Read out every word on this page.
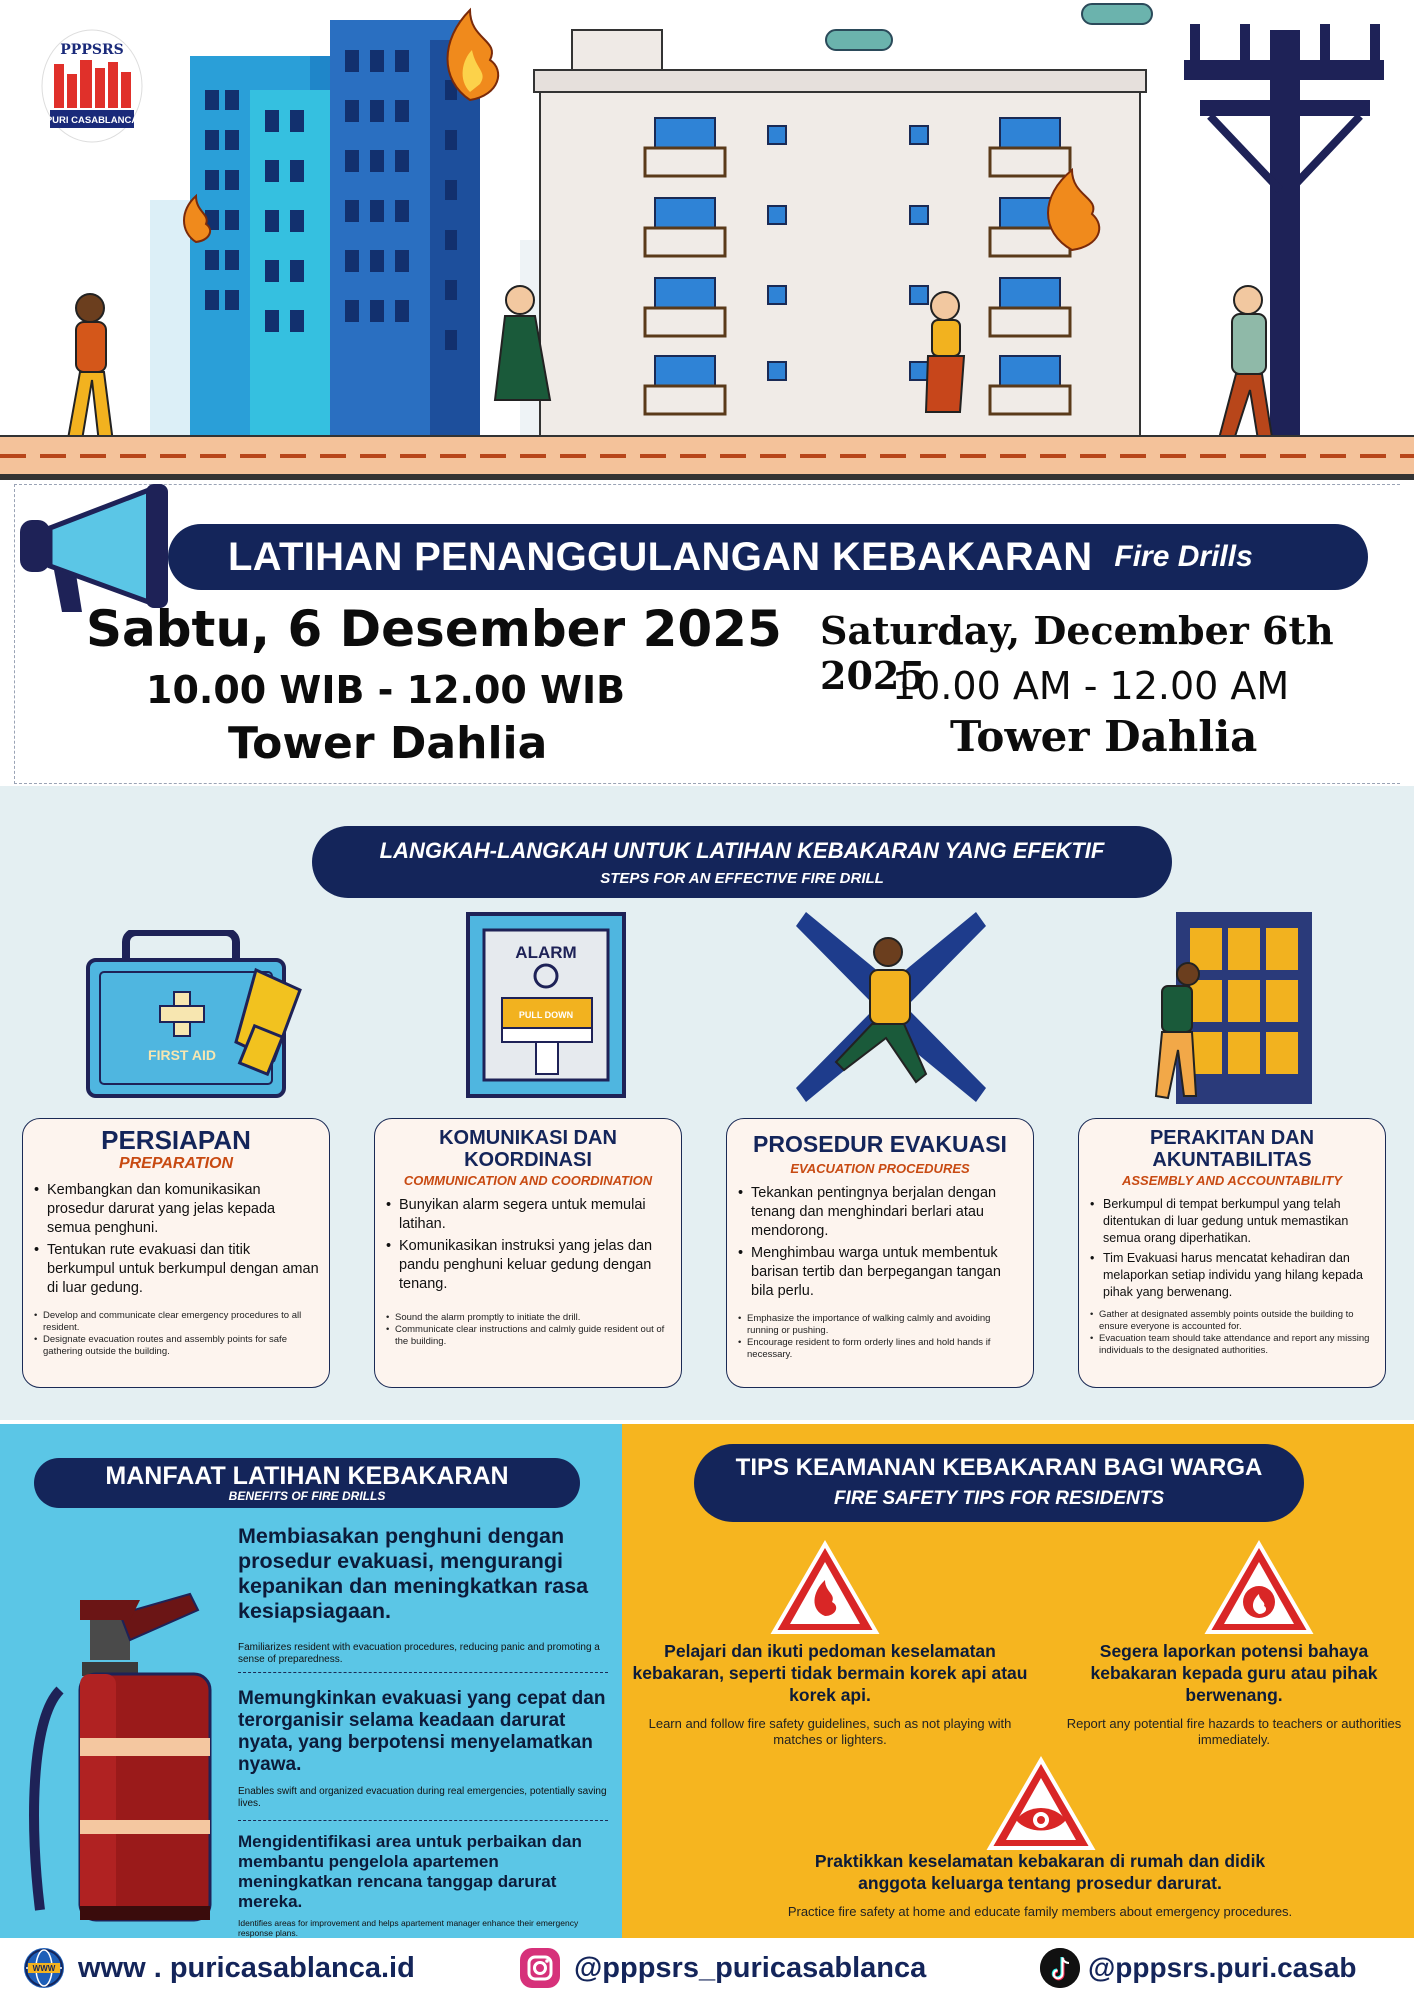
PPPSRS
PURI CASABLANCA
LATIHAN PENANGGULANGAN KEBAKARAN Fire Drills
Sabtu, 6 Desember 2025
10.00 WIB - 12.00 WIB
Tower Dahlia
Saturday, December 6th 2025
10.00 AM - 12.00 AM
Tower Dahlia
LANGKAH-LANGKAH UNTUK LATIHAN KEBAKARAN YANG EFEKTIF
STEPS FOR AN EFFECTIVE FIRE DRILL
FIRST AID
ALARM
PULL DOWN
PERSIAPAN
PREPARATION
• Kembangkan dan komunikasikan prosedur darurat yang jelas kepada semua penghuni.
• Tentukan rute evakuasi dan titik berkumpul untuk berkumpul dengan aman di luar gedung.
• Develop and communicate clear emergency procedures to all resident.
• Designate evacuation routes and assembly points for safe gathering outside the building.
KOMUNIKASI DAN KOORDINASI
COMMUNICATION AND COORDINATION
• Bunyikan alarm segera untuk memulai latihan.
• Komunikasikan instruksi yang jelas dan pandu penghuni keluar gedung dengan tenang.
• Sound the alarm promptly to initiate the drill.
• Communicate clear instructions and calmly guide resident out of the building.
PROSEDUR EVAKUASI
EVACUATION PROCEDURES
• Tekankan pentingnya berjalan dengan tenang dan menghindari berlari atau mendorong.
• Menghimbau warga untuk membentuk barisan tertib dan berpegangan tangan bila perlu.
• Emphasize the importance of walking calmly and avoiding running or pushing.
• Encourage resident to form orderly lines and hold hands if necessary.
PERAKITAN DAN AKUNTABILITAS
ASSEMBLY AND ACCOUNTABILITY
• Berkumpul di tempat berkumpul yang telah ditentukan di luar gedung untuk memastikan semua orang diperhatikan.
• Tim Evakuasi harus mencatat kehadiran dan melaporkan setiap individu yang hilang kepada pihak yang berwenang.
• Gather at designated assembly points outside the building to ensure everyone is accounted for.
• Evacuation team should take attendance and report any missing individuals to the designated authorities.
MANFAAT LATIHAN KEBAKARAN
BENEFITS OF FIRE DRILLS
Membiasakan penghuni dengan prosedur evakuasi, mengurangi kepanikan dan meningkatkan rasa kesiapsiagaan.
Familiarizes resident with evacuation procedures, reducing panic and promoting a sense of preparedness.
Memungkinkan evakuasi yang cepat dan terorganisir selama keadaan darurat nyata, yang berpotensi menyelamatkan nyawa.
Enables swift and organized evacuation during real emergencies, potentially saving lives.
Mengidentifikasi area untuk perbaikan dan membantu pengelola apartemen meningkatkan rencana tanggap darurat mereka.
Identifies areas for improvement and helps apartement manager enhance their emergency response plans.
TIPS KEAMANAN KEBAKARAN BAGI WARGA
FIRE SAFETY TIPS FOR RESIDENTS
Pelajari dan ikuti pedoman keselamatan kebakaran, seperti tidak bermain korek api atau korek api.
Learn and follow fire safety guidelines, such as not playing with matches or lighters.
Segera laporkan potensi bahaya kebakaran kepada guru atau pihak berwenang.
Report any potential fire hazards to teachers or authorities immediately.
Praktikkan keselamatan kebakaran di rumah dan didik anggota keluarga tentang prosedur darurat.
Practice fire safety at home and educate family members about emergency procedures.
WWW www . puricasablanca.id	@pppsrs_puricasablanca	@pppsrs.puri.casab
